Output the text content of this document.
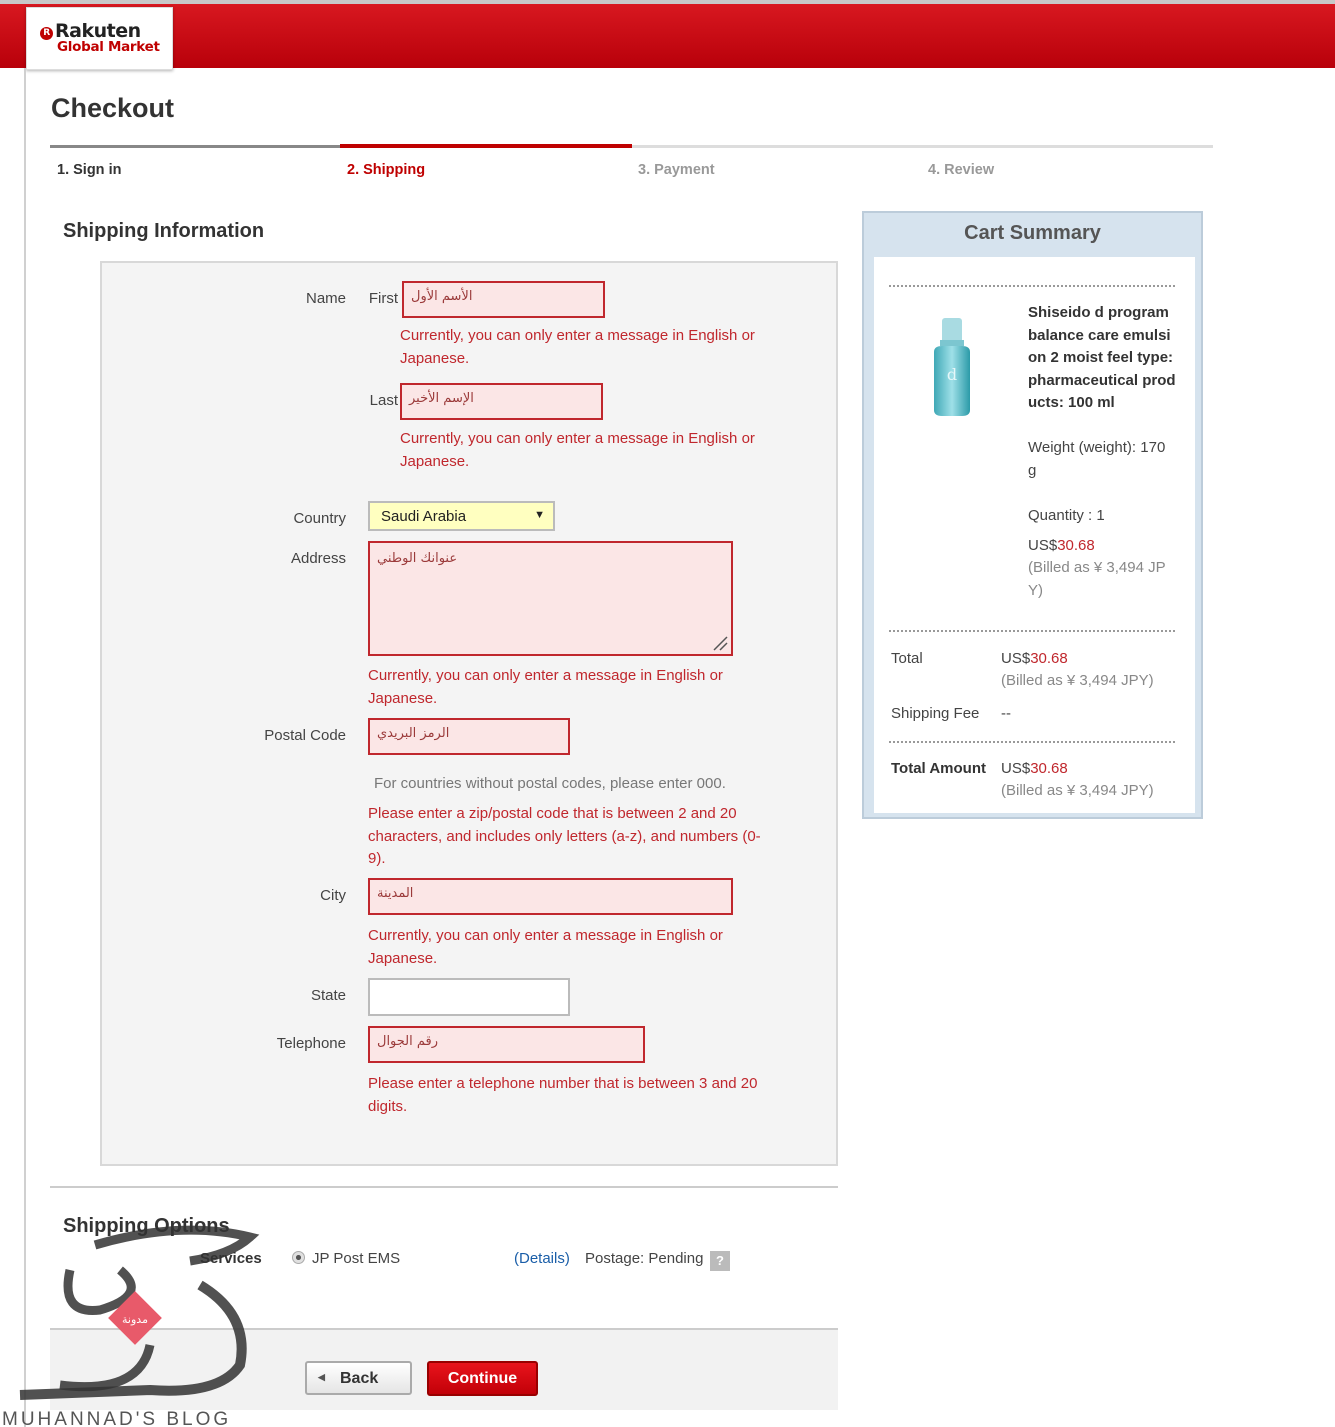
R Rakuten
Global Market
Checkout
1. Sign in	2. Shipping	3. Payment	4. Review
Shipping Information
Name	First	الأسم الأول
Currently, you can only enter a message in English or
Japanese.
Last الإسم الأخير
Currently, you can only enter a message in English or
Japanese.
Country	Saudi Arabia	▼
Address	عنوانك الوطني
Currently, you can only enter a message in English or
Japanese.
Postal Code	الرمز البريدي
For countries without postal codes, please enter 000.
Please enter a zip/postal code that is between 2 and 20
characters, and includes only letters (a-z), and numbers (0-
9).
City	المدينة
Currently, you can only enter a message in English or
Japanese.
State
Telephone	رقم الجوال
Please enter a telephone number that is between 3 and 20
digits.
Shipping Options
Services	JP Post EMS	(Details) Postage: Pending ?
◀ Back	Continue
Cart Summary
d
Shiseido d program
balance care emulsi
on 2 moist feel type:
pharmaceutical prod
ucts: 100 ml
Weight (weight): 170
g
Quantity : 1
US$30.68
(Billed as ¥ 3,494 JP
Y)
Total	US$30.68
(Billed as ¥ 3,494 JPY)
Shipping Fee --
Total Amount US$30.68
(Billed as ¥ 3,494 JPY)
مدونة
MUHANNAD'S BLOG
